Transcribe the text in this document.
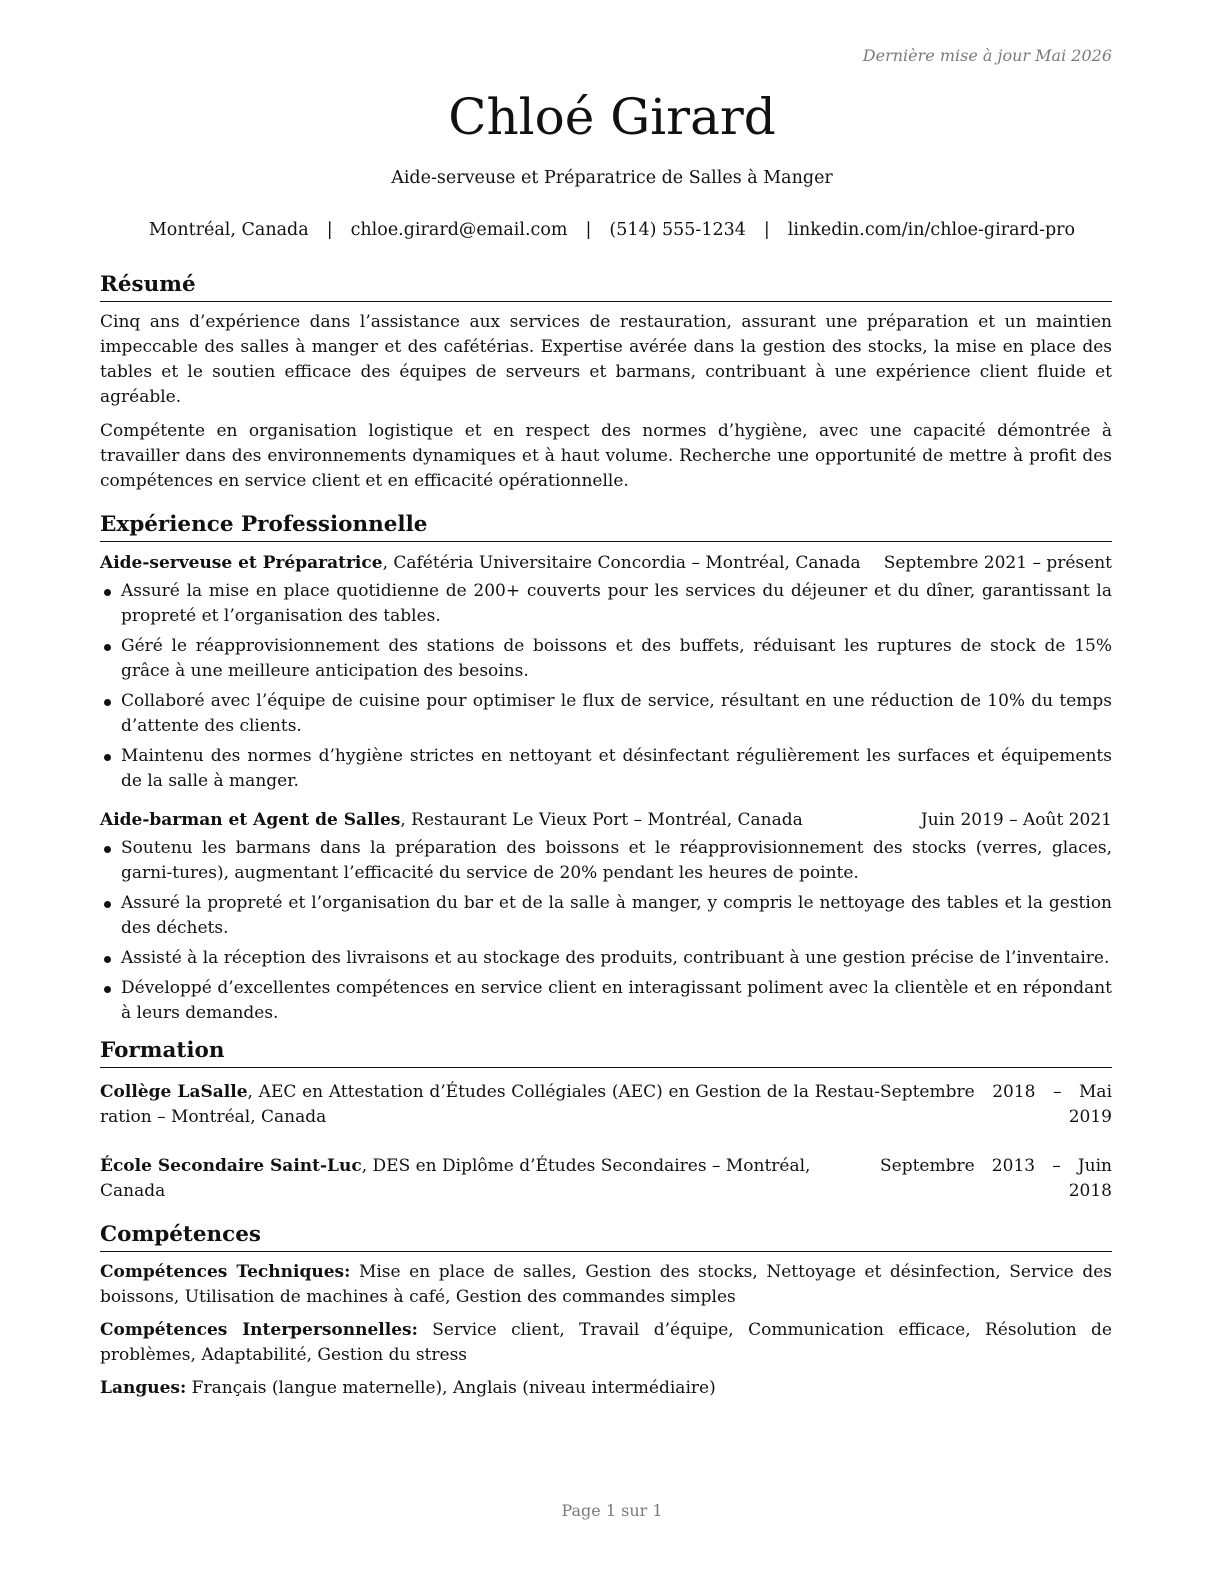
Dernière mise à jour Mai 2026
Chloé Girard
Aide-serveuse et Préparatrice de Salles à Manger
Montréal, Canada | chloe.girard@email.com | (514) 555-1234 | linkedin.com/in/chloe-girard-pro
Résumé

Cinq ans d’expérience dans l’assistance aux services de restauration, assurant une préparation et un maintien impeccable des salles à manger et des cafétérias. Expertise avérée dans la gestion des stocks, la mise en place des tables et le soutien efficace des équipes de serveurs et barmans, contribuant à une expérience client fluide et agréable.

Compétente en organisation logistique et en respect des normes d’hygiène, avec une capacité démontrée à travailler dans des environnements dynamiques et à haut volume. Recherche une opportunité de mettre à profit des compétences en service client et en efficacité opérationnelle.

Expérience Professionnelle
Aide-serveuse et Préparatrice, Cafétéria Universitaire Concordia – Montréal, Canada Septembre 2021 – présent
Assuré la mise en place quotidienne de 200+ couverts pour les services du déjeuner et du dîner, garantissant la propreté et l’organisation des tables.
Géré le réapprovisionnement des stations de boissons et des buffets, réduisant les ruptures de stock de 15% grâce à une meilleure anticipation des besoins.
Collaboré avec l’équipe de cuisine pour optimiser le flux de service, résultant en une réduction de 10% du temps d’attente des clients.
Maintenu des normes d’hygiène strictes en nettoyant et désinfectant régulièrement les surfaces et équipements de la salle à manger.
Aide-barman et Agent de Salles, Restaurant Le Vieux Port – Montréal, Canada	Juin 2019 – Août 2021
Soutenu les barmans dans la préparation des boissons et le réapprovisionnement des stocks (verres, glaces, garni-tures), augmentant l’efficacité du service de 20% pendant les heures de pointe.
Assuré la propreté et l’organisation du bar et de la salle à manger, y compris le nettoyage des tables et la gestion des déchets.
Assisté à la réception des livraisons et au stockage des produits, contribuant à une gestion précise de l’inventaire.
Développé d’excellentes compétences en service client en interagissant poliment avec la clientèle et en répondant à leurs demandes.
Formation
Collège LaSalle, AEC en Attestation d’Études Collégiales (AEC) en Gestion de la Restau-ration – Montréal, Canada
Septembre 2018 – Mai
2019
École Secondaire Saint-Luc, DES en Diplôme d’Études Secondaires – Montréal, Canada
Septembre 2013 – Juin
2018
Compétences

Compétences Techniques: Mise en place de salles, Gestion des stocks, Nettoyage et désinfection, Service des boissons, Utilisation de machines à café, Gestion des commandes simples

Compétences Interpersonnelles: Service client, Travail d’équipe, Communication efficace, Résolution de problèmes, Adaptabilité, Gestion du stress

Langues: Français (langue maternelle), Anglais (niveau intermédiaire)

Page 1 sur 1
